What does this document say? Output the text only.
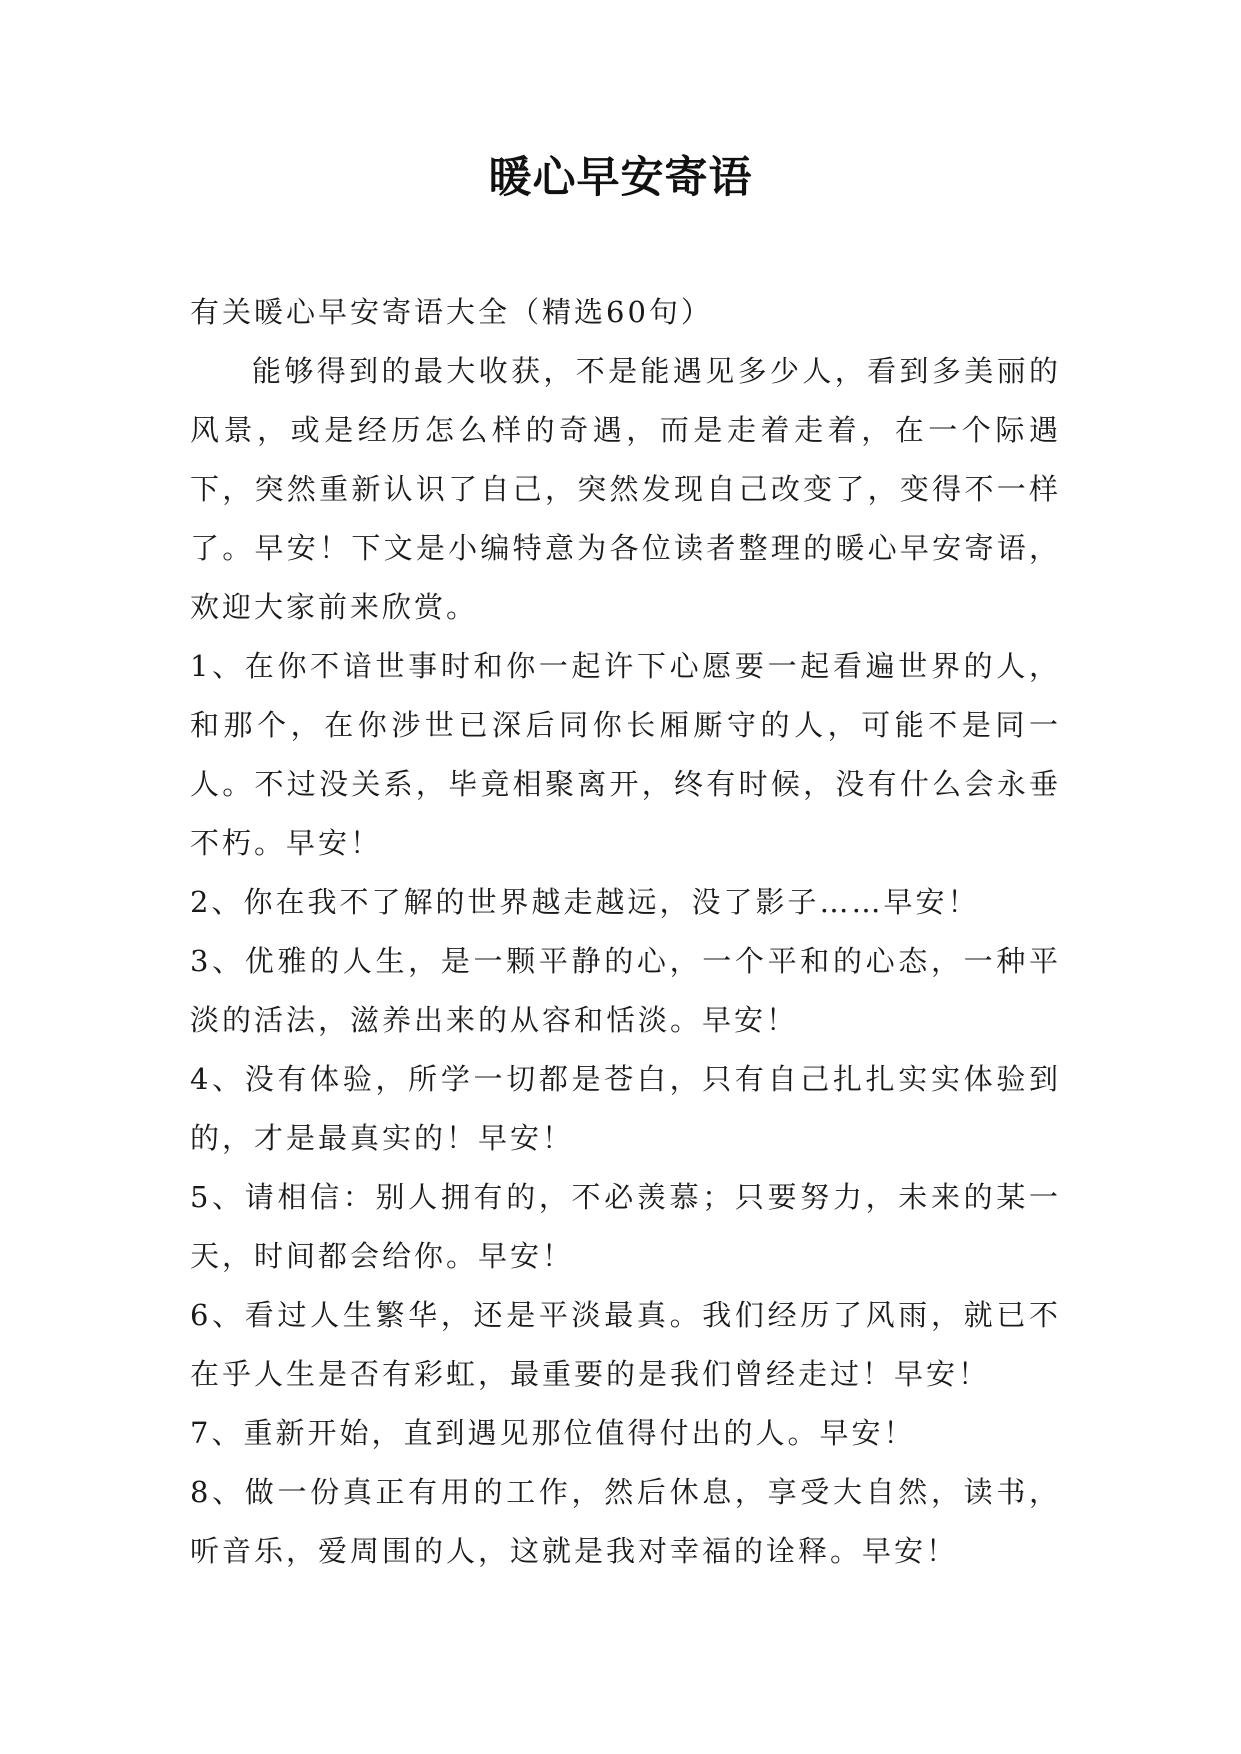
暖心早安寄语

有关暖心早安寄语大全（精选60句）

能够得到的最大收获，不是能遇见多少人，看到多美丽的风景，或是经历怎么样的奇遇，而是走着走着，在一个际遇下，突然重新认识了自己，突然发现自己改变了，变得不一样了。早安！下文是小编特意为各位读者整理的暖心早安寄语，欢迎大家前来欣赏。

1、在你不谙世事时和你一起许下心愿要一起看遍世界的人，和那个，在你涉世已深后同你长厢厮守的人，可能不是同一人。不过没关系，毕竟相聚离开，终有时候，没有什么会永垂不朽。早安！

2、你在我不了解的世界越走越远，没了影子……早安！

3、优雅的人生，是一颗平静的心，一个平和的心态，一种平淡的活法，滋养出来的从容和恬淡。早安！

4、没有体验，所学一切都是苍白，只有自己扎扎实实体验到的，才是最真实的！早安！

5、请相信：别人拥有的，不必羡慕；只要努力，未来的某一天，时间都会给你。早安！

6、看过人生繁华，还是平淡最真。我们经历了风雨，就已不在乎人生是否有彩虹，最重要的是我们曾经走过！早安！

7、重新开始，直到遇见那位值得付出的人。早安！

8、做一份真正有用的工作，然后休息，享受大自然，读书，听音乐，爱周围的人，这就是我对幸福的诠释。早安！
